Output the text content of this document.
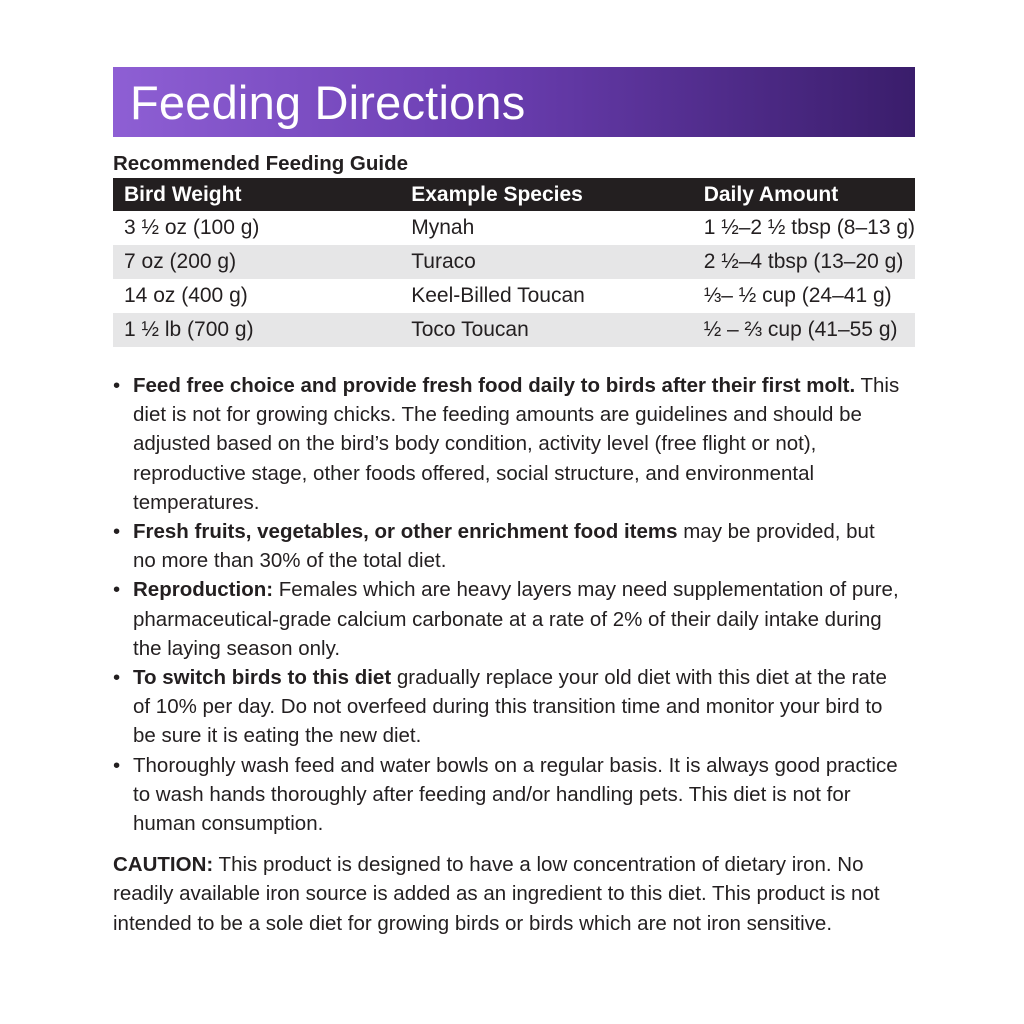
Feeding Directions
Recommended Feeding Guide
Bird Weight	Example Species	Daily Amount
3 ½ oz (100 g)	Mynah	1 ½–2 ½ tbsp (8–13 g)
7 oz (200 g)	Turaco	2 ½–4 tbsp (13–20 g)
14 oz (400 g)	Keel-Billed Toucan	⅓– ½ cup (24–41 g)
1 ½ lb (700 g)	Toco Toucan	½ – ⅔ cup (41–55 g)
• Feed free choice and provide fresh food daily to birds after their first molt. This diet is not for growing chicks. The feeding amounts are guidelines and should be adjusted based on the bird’s body condition, activity level (free flight or not), reproductive stage, other foods offered, social structure, and environmental temperatures.
• Fresh fruits, vegetables, or other enrichment food items may be provided, but no more than 30% of the total diet.
• Reproduction: Females which are heavy layers may need supplementation of pure, pharmaceutical-grade calcium carbonate at a rate of 2% of their daily intake during the laying season only.
• To switch birds to this diet gradually replace your old diet with this diet at the rate of 10% per day. Do not overfeed during this transition time and monitor your bird to be sure it is eating the new diet.
• Thoroughly wash feed and water bowls on a regular basis. It is always good practice to wash hands thoroughly after feeding and/or handling pets. This diet is not for human consumption.

CAUTION: This product is designed to have a low concentration of dietary iron. No readily available iron source is added as an ingredient to this diet. This product is not intended to be a sole diet for growing birds or birds which are not iron sensitive.
